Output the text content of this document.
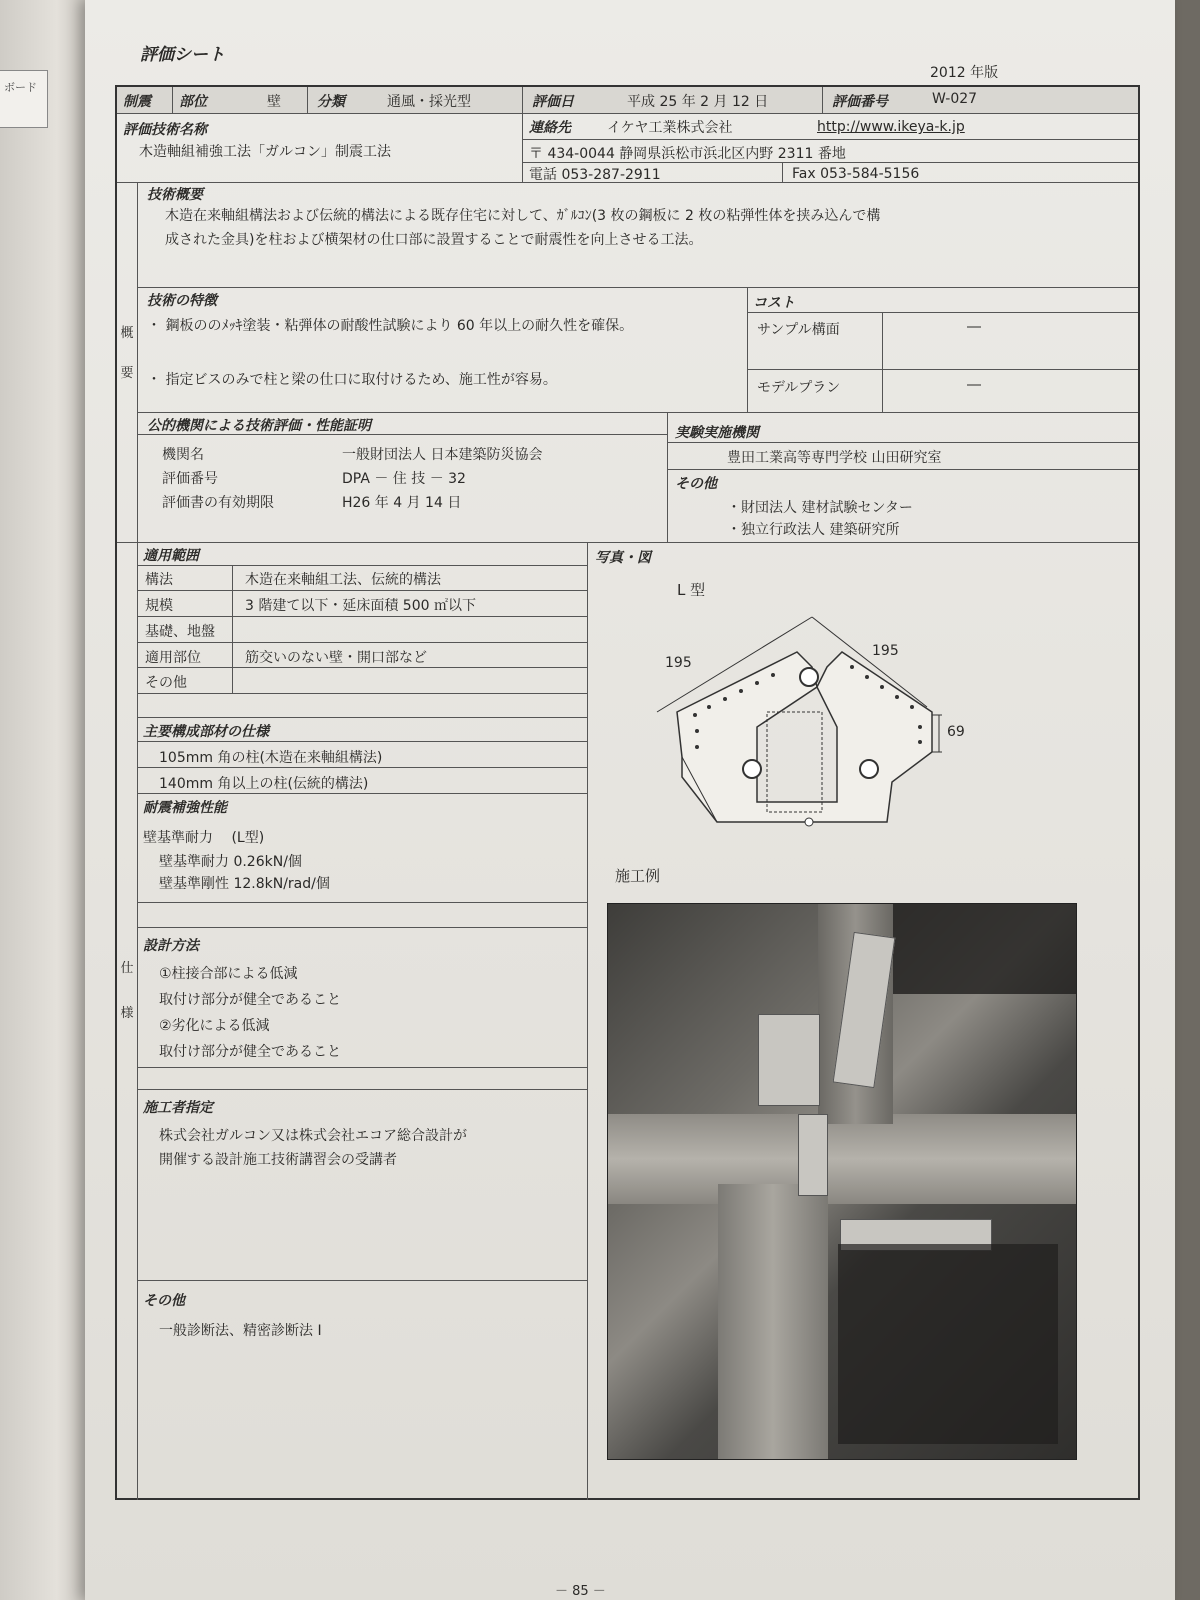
ボード
評価シート
2012 年版
制震 部位	壁	分類	通風・採光型	評価日	平成 25 年 2 月 12 日	評価番号	W-027
評価技術名称
木造軸組補強工法「ガルコン」制震工法
連絡先	イケヤ工業株式会社	http://www.ikeya-k.jp
〒 434-0044 静岡県浜松市浜北区内野 2311 番地
電話 053-287-2911	Fax 053-584-5156
概
要
技術概要
木造在来軸組構法および伝統的構法による既存住宅に対して、ｶﾞﾙｺﾝ(3 枚の鋼板に 2 枚の粘弾性体を挟み込んで構
成された金具)を柱および横架材の仕口部に設置することで耐震性を向上させる工法。
技術の特徴
・ 鋼板ののﾒｯｷ塗装・粘弾体の耐酸性試験により 60 年以上の耐久性を確保。
・ 指定ビスのみで柱と梁の仕口に取付けるため、施工性が容易。
コスト
サンプル構面	―
モデルプラン	―
公的機関による技術評価・性能証明
機関名	一般財団法人 日本建築防災協会
評価番号	DPA － 住 技 － 32
評価書の有効期限	H26 年 4 月 14 日
実験実施機関
豊田工業高等専門学校 山田研究室
その他
・財団法人 建材試験センター
・独立行政法人 建築研究所
仕
様
適用範囲
構法	木造在来軸組工法、伝統的構法
規模	3 階建て以下・延床面積 500 ㎡以下
基礎、地盤
適用部位	筋交いのない壁・開口部など
その他
主要構成部材の仕様
105mm 角の柱(木造在来軸組構法)
140mm 角以上の柱(伝統的構法)
耐震補強性能
壁基準耐力　 (L型)
壁基準耐力 0.26kN/個
壁基準剛性 12.8kN/rad/個
設計方法
①柱接合部による低減
取付け部分が健全であること
②劣化による低減
取付け部分が健全であること
施工者指定
株式会社ガルコン又は株式会社エコア総合設計が
開催する設計施工技術講習会の受講者
その他
一般診断法、精密診断法 I
写真・図
L 型
195
195
69
施工例
－ 85 －
